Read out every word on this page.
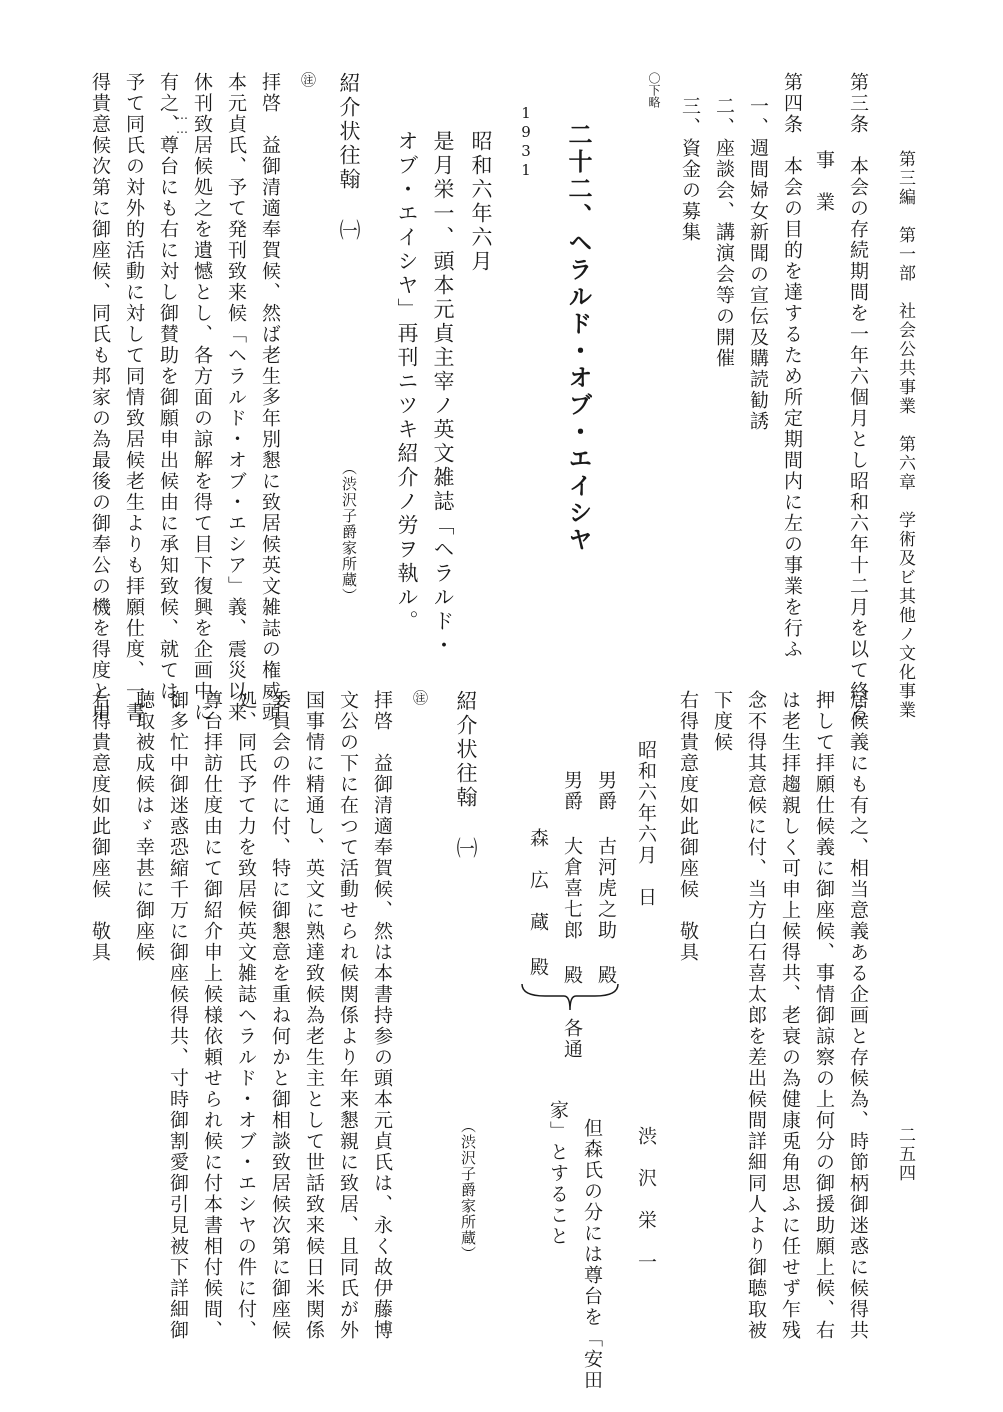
第三編　第一部　社会公共事業　第六章　学術及ビ其他ノ文化事業
二五四
第三条　本会の存続期間を一年六個月とし昭和六年十二月を以て終る
事　業
第四条　本会の目的を達するため所定期間内に左の事業を行ふ
一、週間婦女新聞の宣伝及購読勧誘
二、座談会、講演会等の開催
三、資金の募集
〇下略
二十二、ヘラルド・オブ・エイシヤ
1931
昭和六年六月
是月栄一、頭本元貞主宰ノ英文雑誌「ヘラルド・
オブ・エイシヤ」再刊ニツキ紹介ノ労ヲ執ル。
紹介状往翰 ㈠
（渋沢子爵家所蔵）
㊟
拝啓　益御清適奉賀候、然ば老生多年別懇に致居候英文雑誌の権威頭
本元貞氏、予て発刊致来候「ヘラルド・オブ・エシア」義、震災以来
休刊致居候処之を遺憾とし、各方面の諒解を得て目下復興を企画中に
……
有之、尊台にも右に対し御賛助を御願申出候由に承知致候、就ては、
予て同氏の対外的活動に対して同情致居候老生よりも拝願仕度、一書
得貴意候次第に御座候、同氏も邦家の為最後の御奉公の機を得度と申
居候義にも有之、相当意義ある企画と存候為、時節柄御迷惑に候得共
押して拝願仕候義に御座候、事情御諒察の上何分の御援助願上候、右
は老生拝趨親しく可申上候得共、老衰の為健康兎角思ふに任せず乍残
念不得其意候に付、当方白石喜太郎を差出候間詳細同人より御聴取被
下度候
右得貴意度如此御座候　敬具
昭和六年六月　日
渋　沢　栄　一
男爵 古河虎之助 殿
男爵 大倉喜七郎 殿
森　広　蔵 殿
各通
但森氏の分には尊台を「安田
家」とすること
紹介状往翰 ㈠
（渋沢子爵家所蔵）
㊟
拝啓　益御清適奉賀候、然は本書持参の頭本元貞氏は、永く故伊藤博
文公の下に在つて活動せられ候関係より年来懇親に致居、且同氏が外
国事情に精通し、英文に熟達致候為老生主として世話致来候日米関係
委員会の件に付、特に御懇意を重ね何かと御相談致居候次第に御座候
処、同氏予て力を致居候英文雑誌ヘラルド・オブ・エシヤの件に付、
尊台拝訪仕度由にて御紹介申上候様依頼せられ候に付本書相付候間、
御多忙中御迷惑恐縮千万に御座候得共、寸時御割愛御引見被下詳細御
聴取被成候はゞ幸甚に御座候
右得貴意度如此御座候　敬具
